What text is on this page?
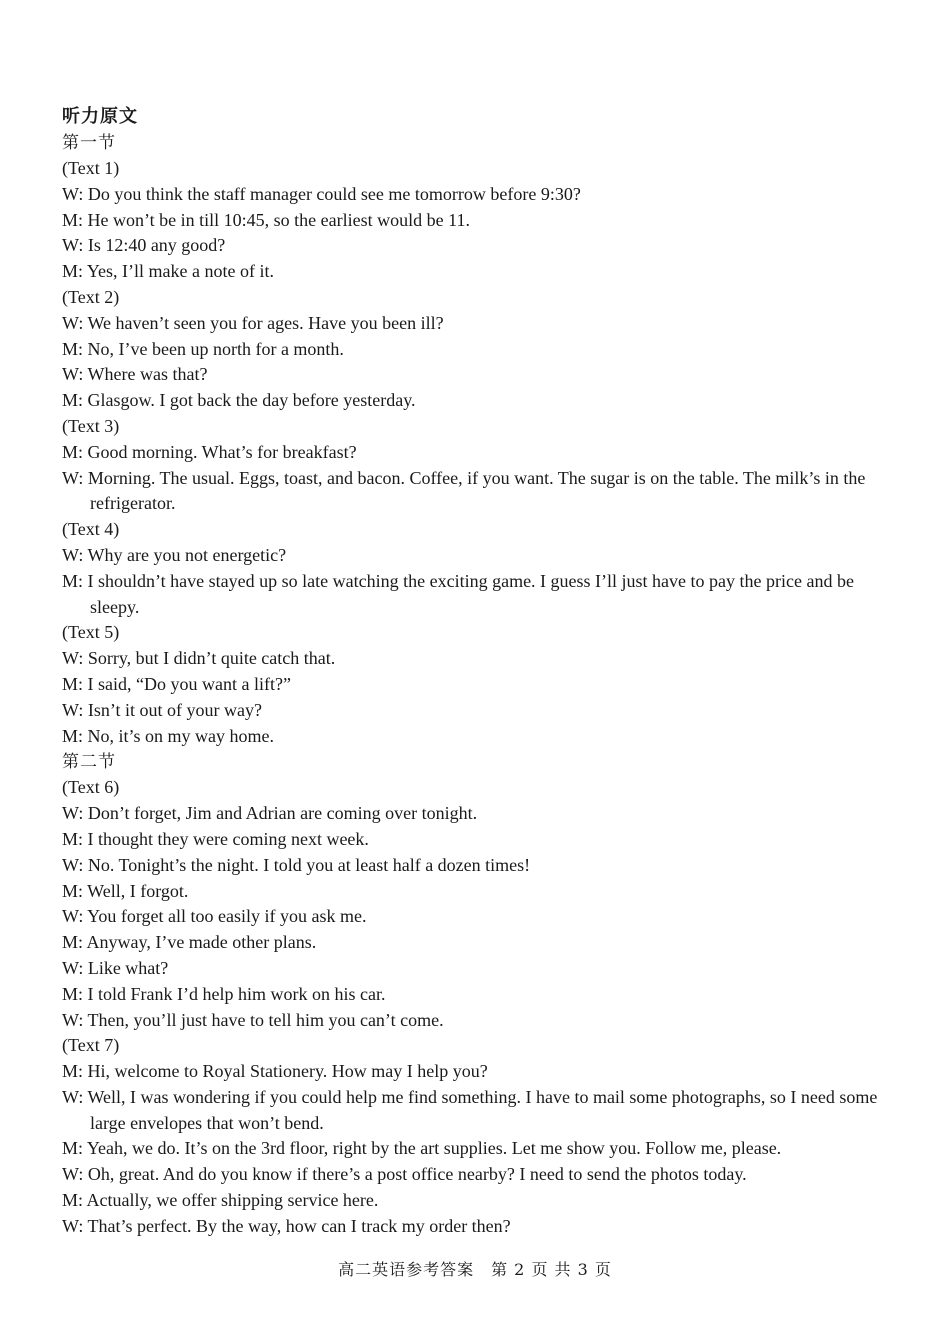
听力原文
第一节
(Text 1)
W: Do you think the staff manager could see me tomorrow before 9:30?
M: He won’t be in till 10:45, so the earliest would be 11.
W: Is 12:40 any good?
M: Yes, I’ll make a note of it.
(Text 2)
W: We haven’t seen you for ages. Have you been ill?
M: No, I’ve been up north for a month.
W: Where was that?
M: Glasgow. I got back the day before yesterday.
(Text 3)
M: Good morning. What’s for breakfast?
W: Morning. The usual. Eggs, toast, and bacon. Coffee, if you want. The sugar is on the table. The milk’s in the refrigerator.
(Text 4)
W: Why are you not energetic?
M: I shouldn’t have stayed up so late watching the exciting game. I guess I’ll just have to pay the price and be sleepy.
(Text 5)
W: Sorry, but I didn’t quite catch that.
M: I said, “Do you want a lift?”
W: Isn’t it out of your way?
M: No, it’s on my way home.
第二节
(Text 6)
W: Don’t forget, Jim and Adrian are coming over tonight.
M: I thought they were coming next week.
W: No. Tonight’s the night. I told you at least half a dozen times!
M: Well, I forgot.
W: You forget all too easily if you ask me.
M: Anyway, I’ve made other plans.
W: Like what?
M: I told Frank I’d help him work on his car.
W: Then, you’ll just have to tell him you can’t come.
(Text 7)
M: Hi, welcome to Royal Stationery. How may I help you?
W: Well, I was wondering if you could help me find something. I have to mail some photographs, so I need some large envelopes that won’t bend.
M: Yeah, we do. It’s on the 3rd floor, right by the art supplies. Let me show you. Follow me, please.
W: Oh, great. And do you know if there’s a post office nearby? I need to send the photos today.
M: Actually, we offer shipping service here.
W: That’s perfect. By the way, how can I track my order then?
高二英语参考答案　第 2 页 共 3 页
